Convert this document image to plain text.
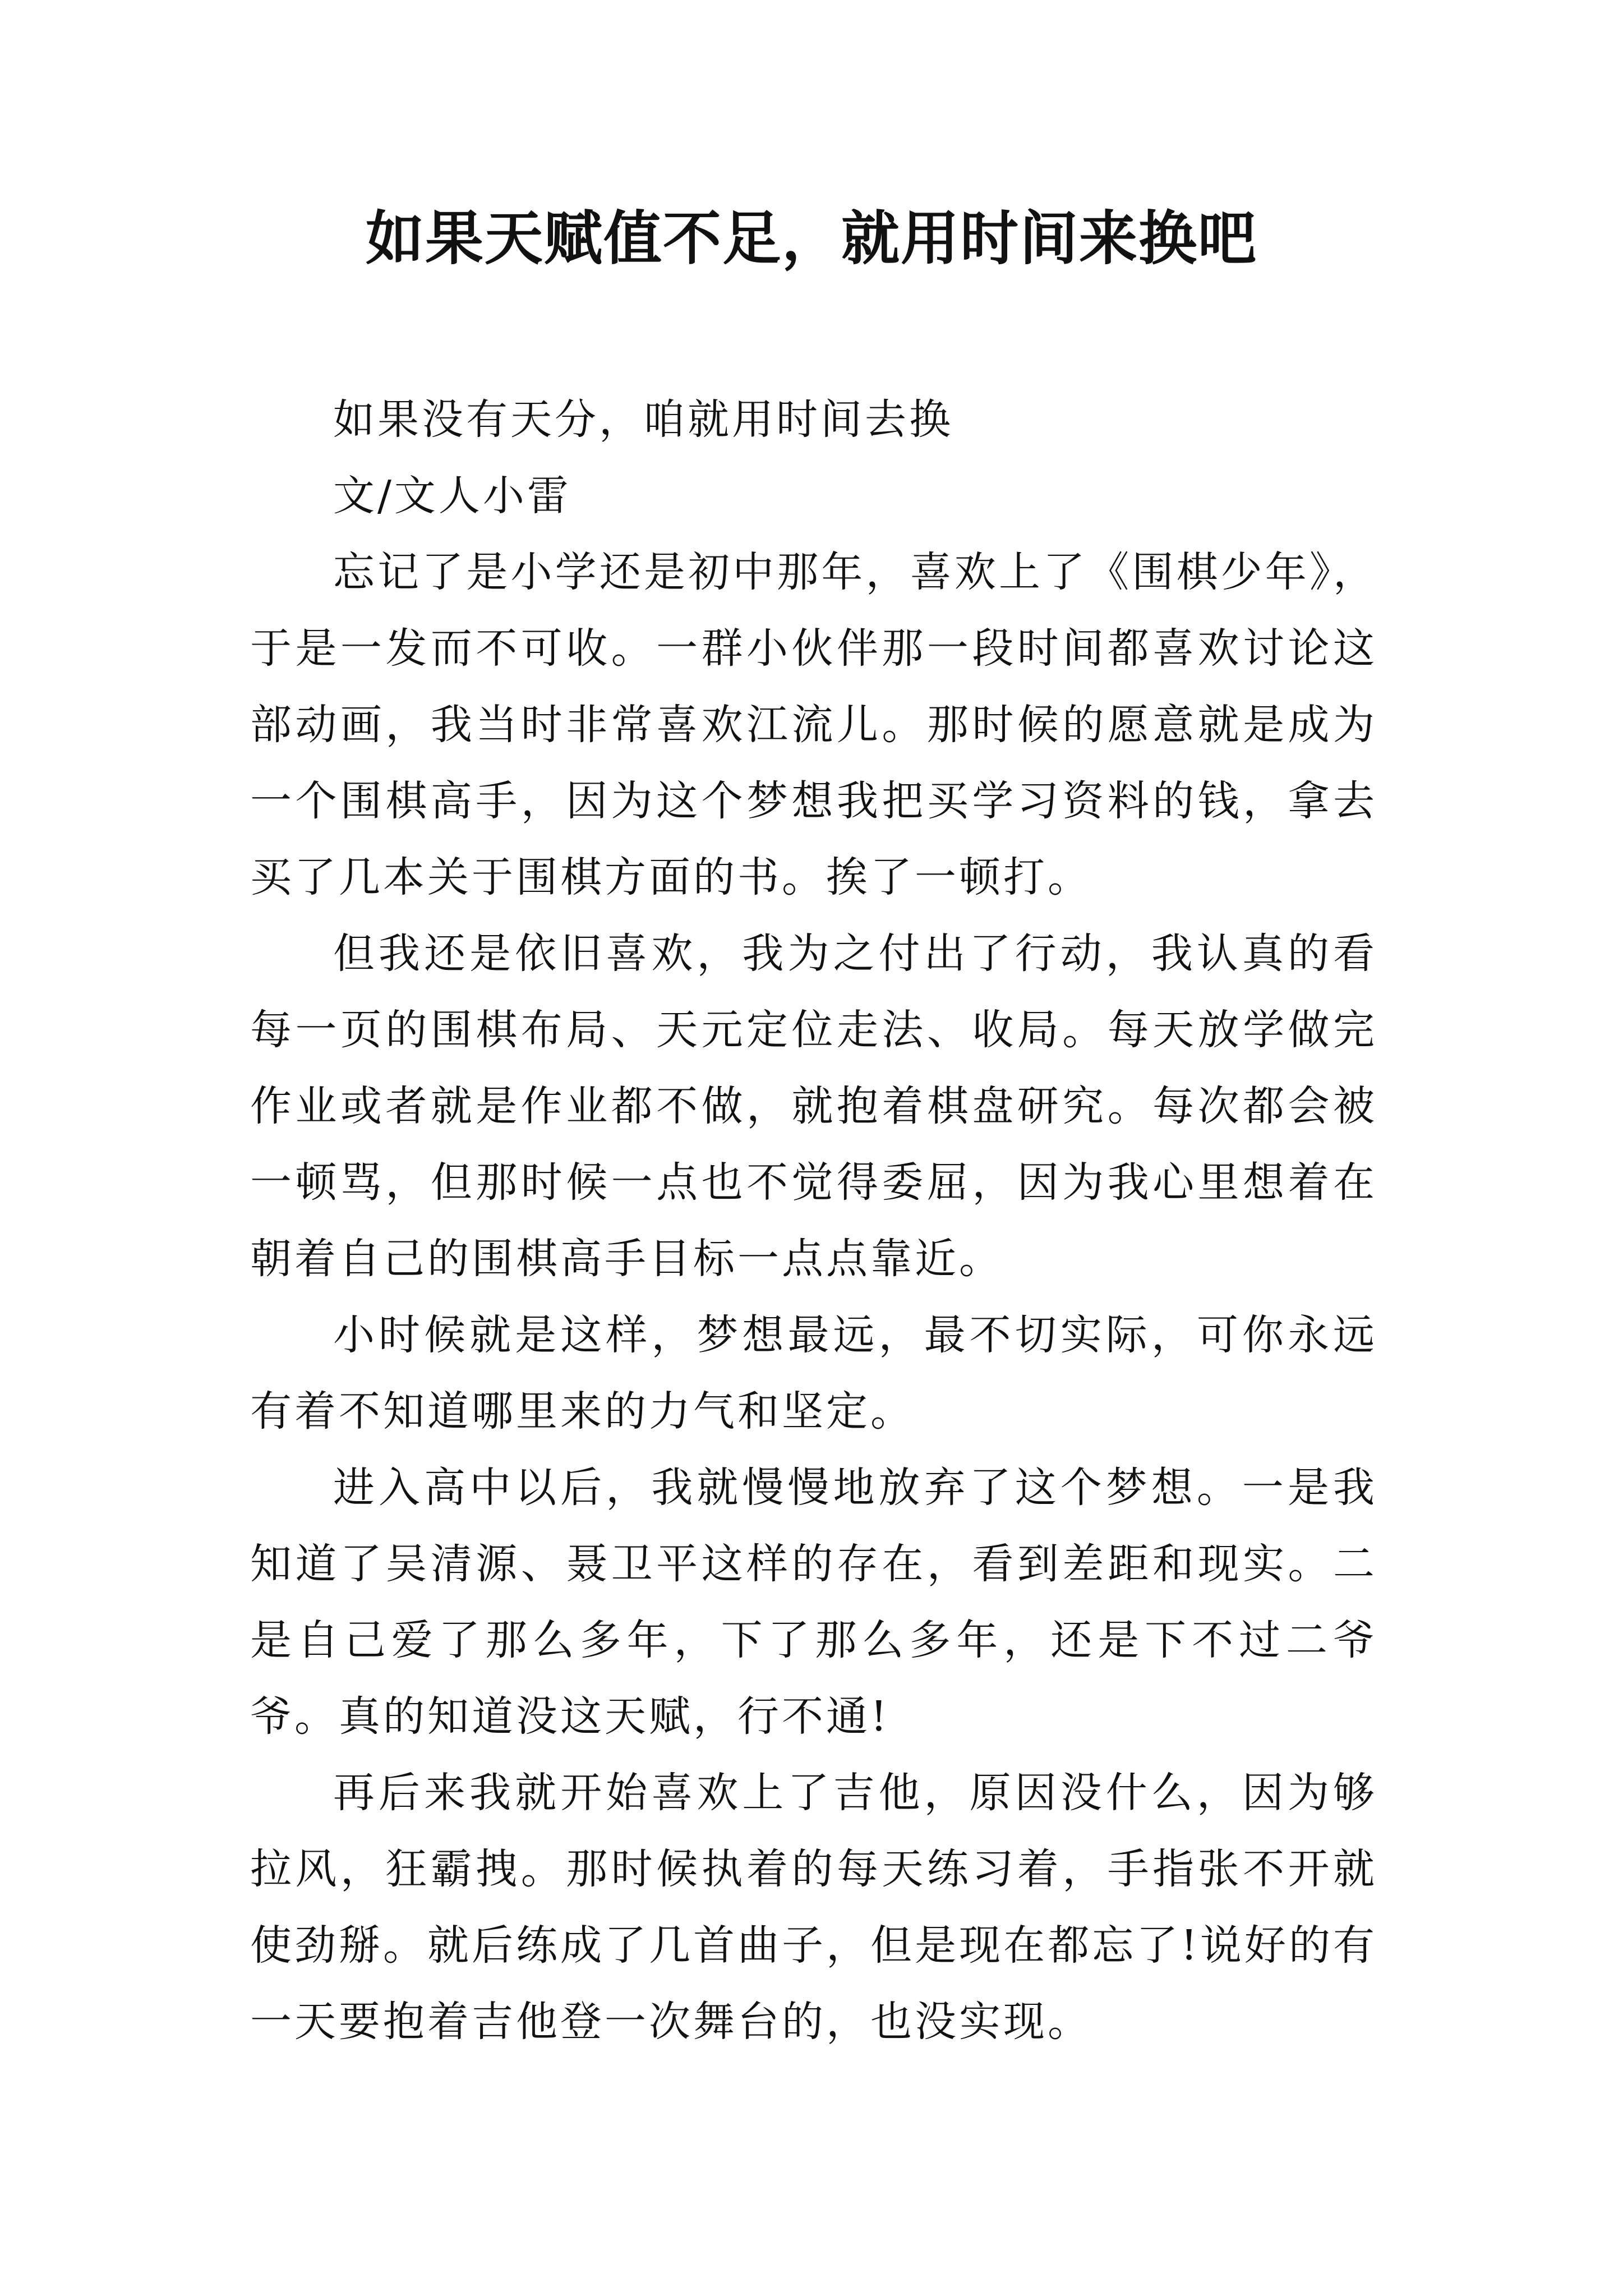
如果天赋值不足，就用时间来换吧

如果没有天分，咱就用时间去换

文/文人小雷

忘记了是小学还是初中那年，喜欢上了《围棋少年》，于是一发而不可收。一群小伙伴那一段时间都喜欢讨论这部动画，我当时非常喜欢江流儿。那时候的愿意就是成为一个围棋高手，因为这个梦想我把买学习资料的钱，拿去买了几本关于围棋方面的书。挨了一顿打。

但我还是依旧喜欢，我为之付出了行动，我认真的看每一页的围棋布局、天元定位走法、收局。每天放学做完作业或者就是作业都不做，就抱着棋盘研究。每次都会被一顿骂，但那时候一点也不觉得委屈，因为我心里想着在朝着自己的围棋高手目标一点点靠近。

小时候就是这样，梦想最远，最不切实际，可你永远有着不知道哪里来的力气和坚定。

进入高中以后，我就慢慢地放弃了这个梦想。一是我知道了吴清源、聂卫平这样的存在，看到差距和现实。二是自己爱了那么多年，下了那么多年，还是下不过二爷爷。真的知道没这天赋，行不通!

再后来我就开始喜欢上了吉他，原因没什么，因为够拉风，狂霸拽。那时候执着的每天练习着，手指张不开就使劲掰。就后练成了几首曲子，但是现在都忘了!说好的有一天要抱着吉他登一次舞台的，也没实现。
